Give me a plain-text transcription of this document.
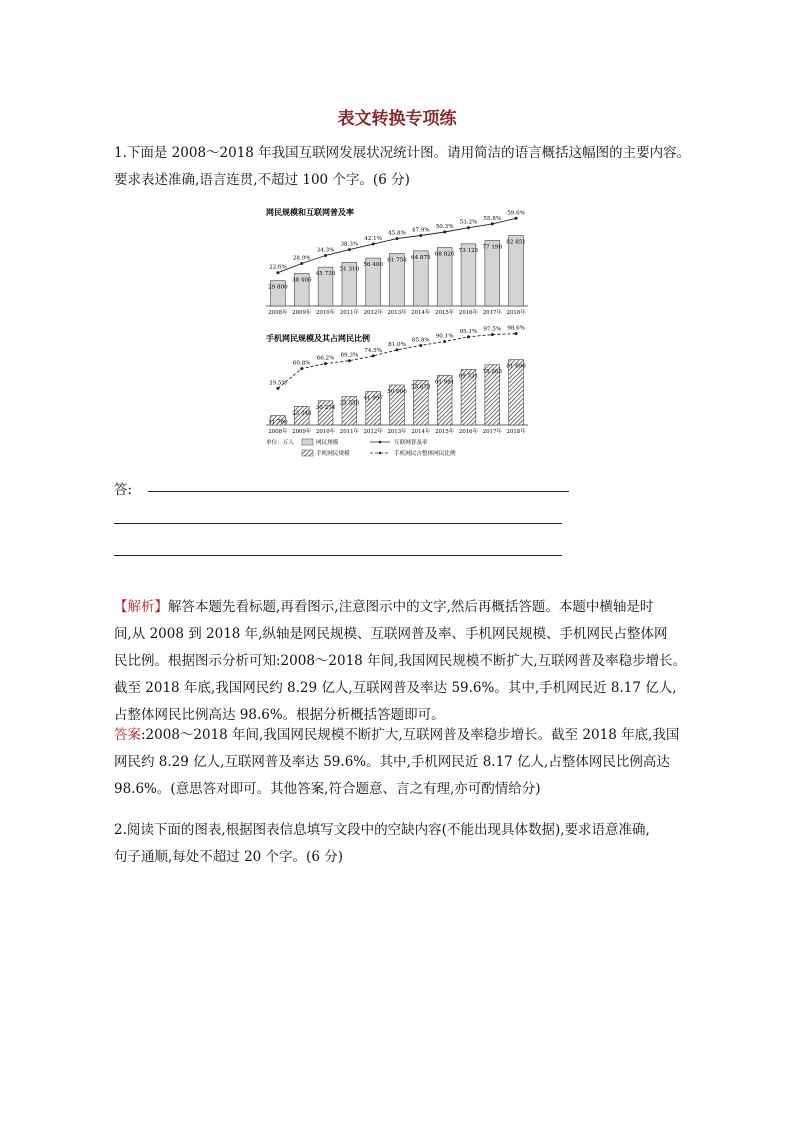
表文转换专项练
1.下面是 2008～2018 年我国互联网发展状况统计图。请用简洁的语言概括这幅图的主要内容。
要求表述准确,语言连贯,不超过 100 个字。(6 分)
网民规模和互联网普及率
29 800
2008年
38 400
2009年
45 730
2010年
51 310
2011年
56 400
2012年
61 758
2013年
64 875
2014年
68 826
2015年
73 125
2016年
77 198
2017年
82 851
2018年
22.6%
28.9%
34.3%
38.3%
42.1%
45.8%
47.9%
50.3%
53.2%
55.8%
59.6%
手机网民规模及其占网民比例
11 760
2008年
23 344
2009年
30 274
2010年
35 558
2011年
41 997
2012年
50 006
2013年
55 678
2014年
61 981
2015年
69 531
2016年
75 265
2017年
81 698
2018年
39.5%
60.8%
66.2% 69.3%
74.5%
81.0%
85.8%
90.1%
95.1% 97.5% 98.6%
单位：万人	网民规模	互联网普及率
手机网民规模	手机网民占整体网民比例
答:
【解析】解答本题先看标题,再看图示,注意图示中的文字,然后再概括答题。本题中横轴是时
间,从 2008 到 2018 年,纵轴是网民规模、互联网普及率、手机网民规模、手机网民占整体网
民比例。根据图示分析可知:2008～2018 年间,我国网民规模不断扩大,互联网普及率稳步增长。
截至 2018 年底,我国网民约 8.29 亿人,互联网普及率达 59.6%。其中,手机网民近 8.17 亿人,
占整体网民比例高达 98.6%。根据分析概括答题即可。
答案:2008～2018 年间,我国网民规模不断扩大,互联网普及率稳步增长。截至 2018 年底,我国
网民约 8.29 亿人,互联网普及率达 59.6%。其中,手机网民近 8.17 亿人,占整体网民比例高达
98.6%。(意思答对即可。其他答案,符合题意、言之有理,亦可酌情给分)
2.阅读下面的图表,根据图表信息填写文段中的空缺内容(不能出现具体数据),要求语意准确,
句子通顺,每处不超过 20 个字。(6 分)
